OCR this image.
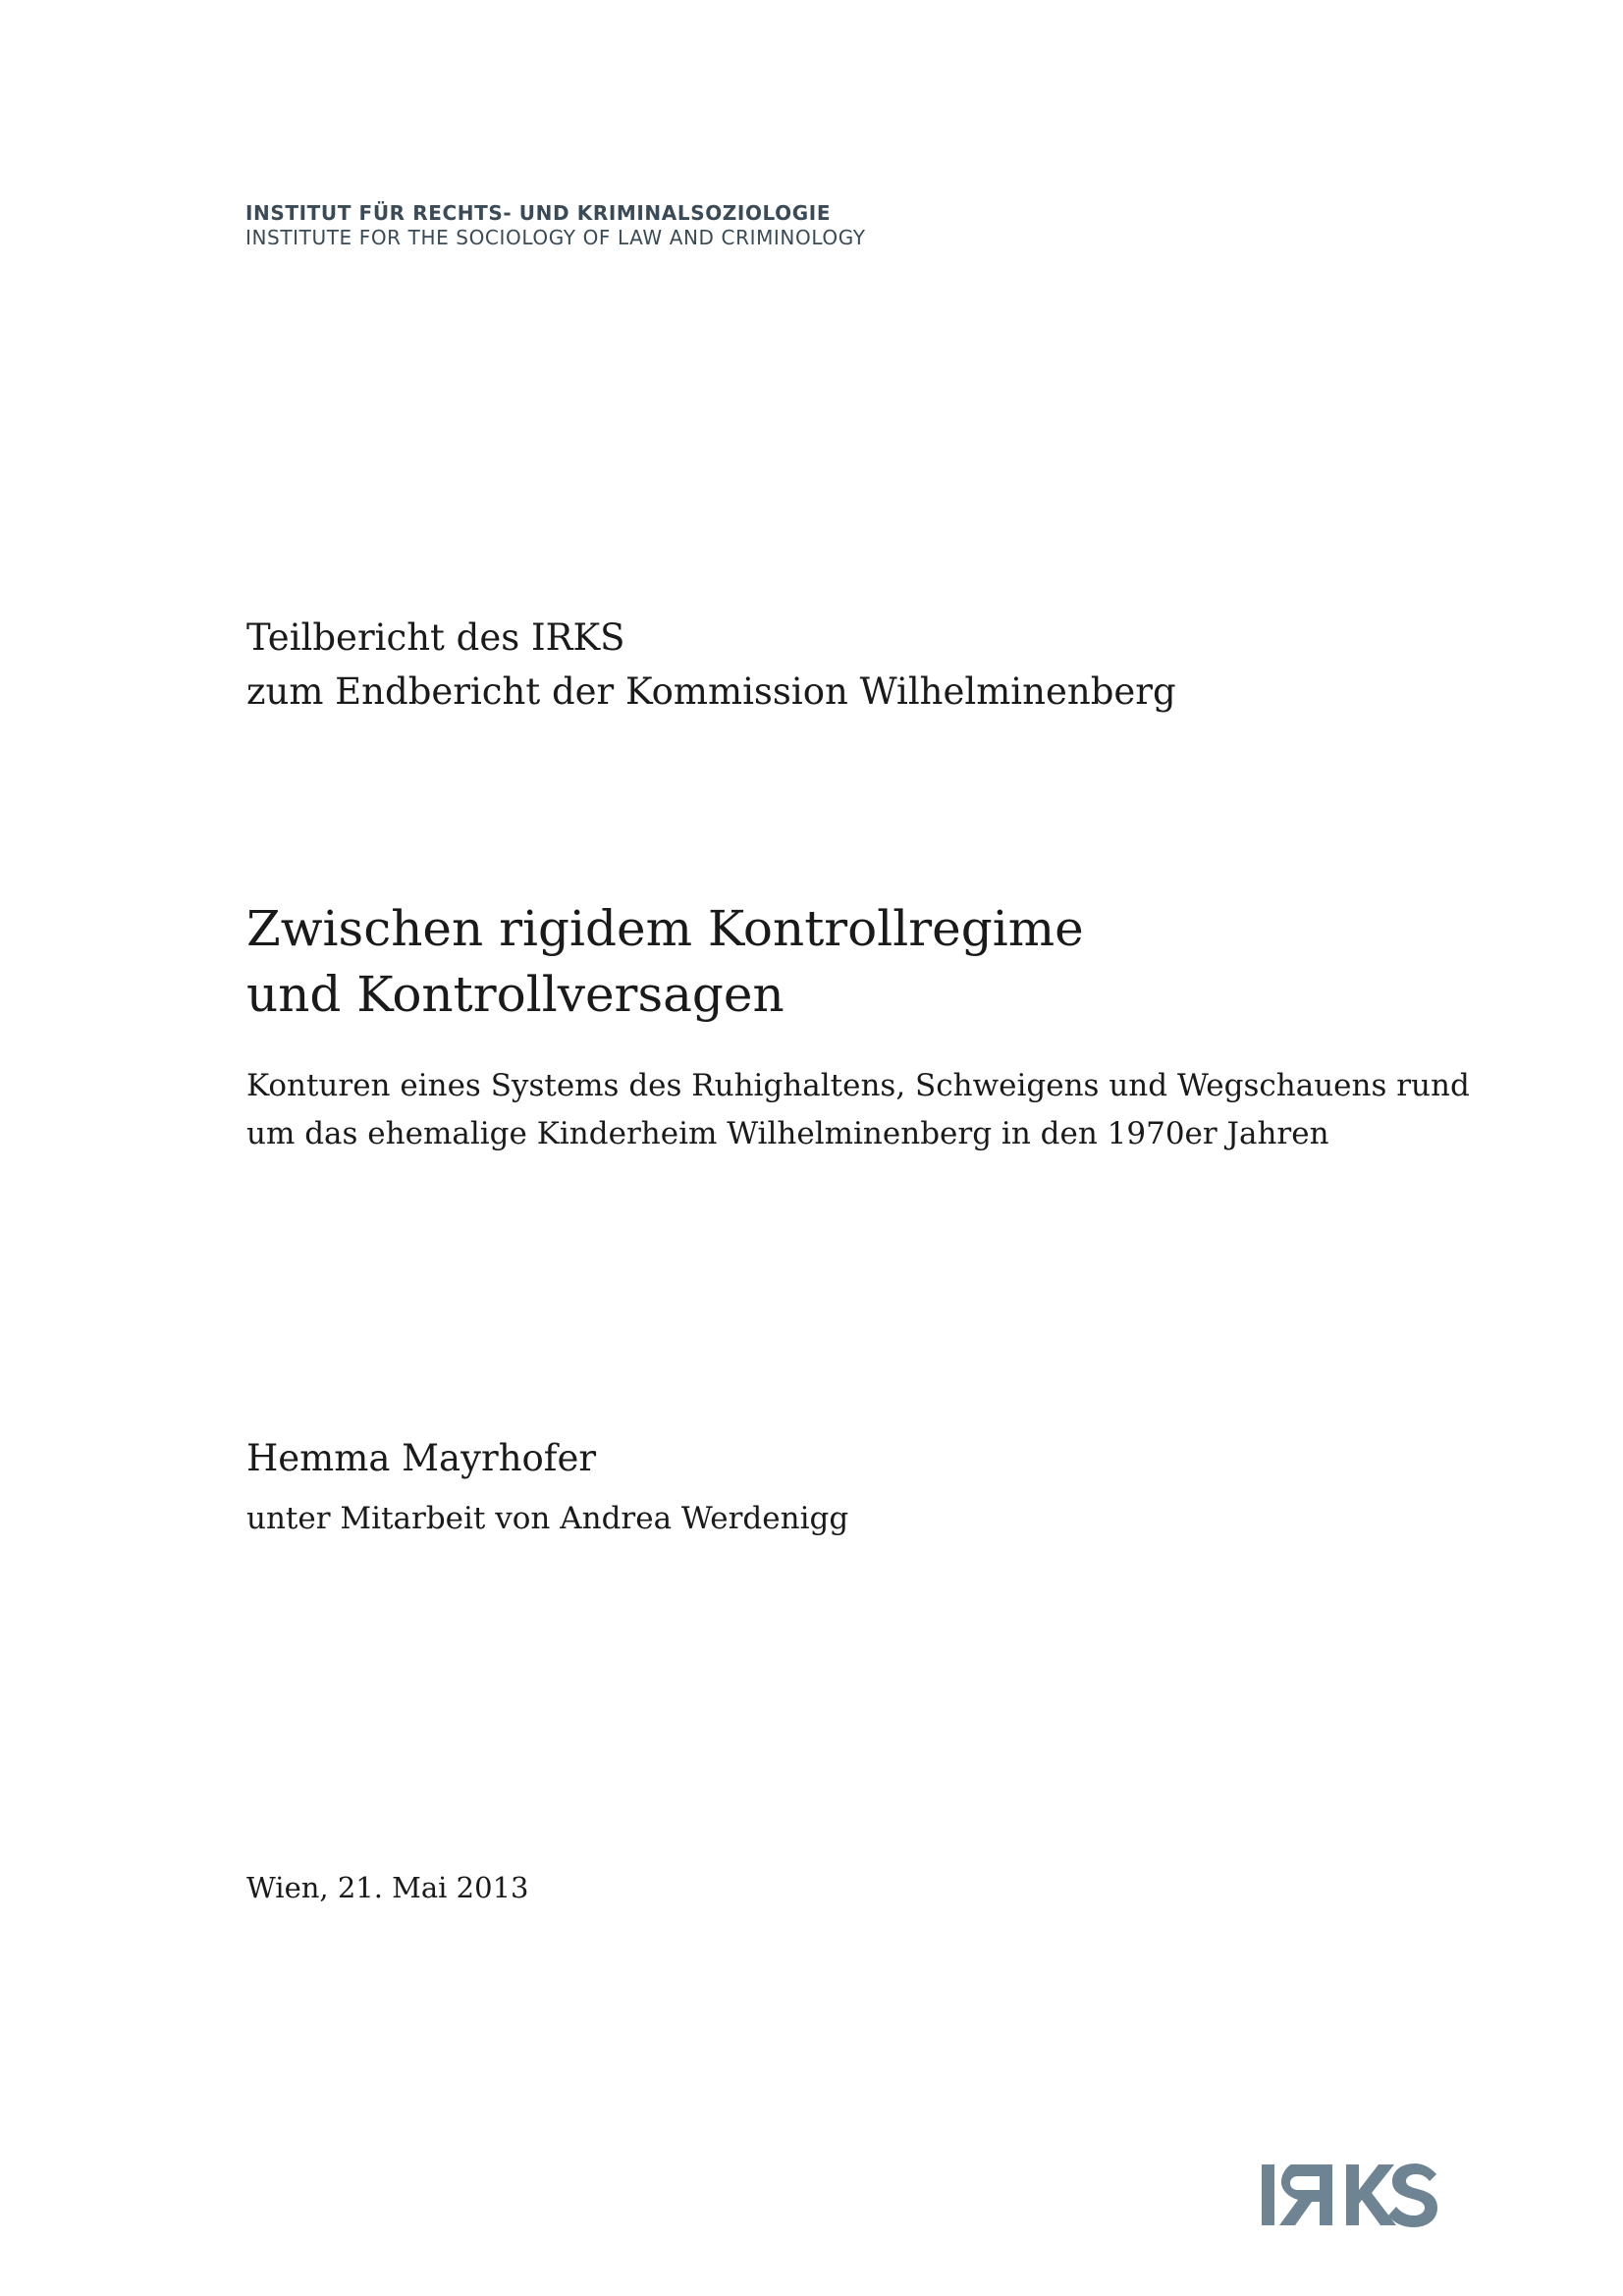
INSTITUT FÜR RECHTS- UND KRIMINALSOZIOLOGIE
INSTITUTE FOR THE SOCIOLOGY OF LAW AND CRIMINOLOGY
Teilbericht des IRKS
zum Endbericht der Kommission Wilhelminenberg
Zwischen rigidem Kontrollregime
und Kontrollversagen
Konturen eines Systems des Ruhighaltens, Schweigens und Wegschauens rund
um das ehemalige Kinderheim Wilhelminenberg in den 1970er Jahren
Hemma Mayrhofer
unter Mitarbeit von Andrea Werdenigg
Wien, 21. Mai 2013
